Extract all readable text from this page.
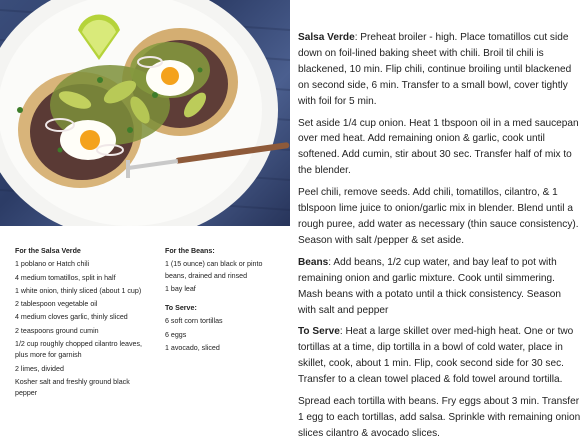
For the Salsa Verde
1 poblano or Hatch chili
4 medium tomatillos, split in half
1 white onion, thinly sliced (about 1 cup)
2 tablespoon vegetable oil
4 medium cloves garlic, thinly sliced
2 teaspoons ground cumin
1/2 cup roughly chopped cilantro leaves, plus more for garnish
2 limes, divided
Kosher salt and freshly ground black pepper
For the Beans:
1 (15 ounce) can black or pinto beans, drained and rinsed
1 bay leaf
To Serve:
6 soft corn tortillas
6 eggs
1 avocado, sliced

Salsa Verde: Preheat broiler - high. Place tomatillos cut side down on foil-lined baking sheet with chili. Broil til chili is blackened, 10 min. Flip chili, continue broiling until blackened on second side, 6 min. Transfer to a small bowl, cover tightly with foil for 5 min.

Set aside 1/4 cup onion. Heat 1 tbspoon oil in a med saucepan over med heat. Add remaining onion & garlic, cook until softened. Add cumin, stir about 30 sec. Transfer half of mix to the blender.

Peel chili, remove seeds. Add chili, tomatillos, cilantro, & 1 tblspoon lime juice to onion/garlic mix in blender. Blend until a rough puree, add water as necessary (thin sauce consistency). Season with salt /pepper & set aside.

Beans: Add beans, 1/2 cup water, and bay leaf to pot with remaining onion and garlic mixture. Cook until simmering. Mash beans with a potato until a thick consistency. Season with salt and pepper

To Serve: Heat a large skillet over med-high heat. One or two tortillas at a time, dip tortilla in a bowl of cold water, place in skillet, cook, about 1 min. Flip, cook second side for 30 sec. Transfer to a clean towel placed & fold towel around tortilla.

Spread each tortilla with beans. Fry eggs about 3 min. Transfer 1 egg to each tortillas, add salsa. Sprinkle with remaining onion slices cilantro & avocado slices.
